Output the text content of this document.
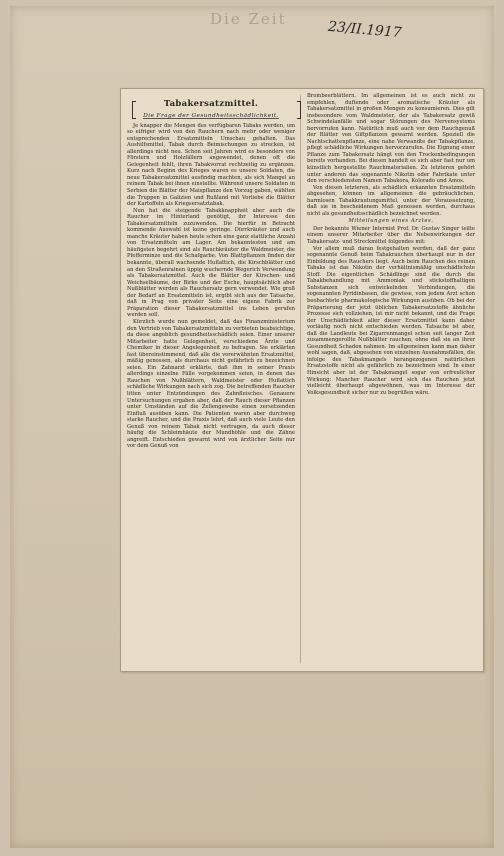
Die Zeit	23/II.1917
Tabakersatzmittel.
Die Frage der Gesundheitsschädlichkeit.
Je knapper die Mengen des verfügbaren Tabaks werden, um so eifriger wird von den Rauchern nach mehr oder weniger entsprechenden Ersatzmitteln Umschau gehalten. Das Aushilfsmittel, Tabak durch Beimischungen zu strecken, ist allerdings nicht neu. Schon seit Jahren wird es besonders von Förstern und Holzfällern angewendet, denen oft die Gelegenheit fehlt, ihren Tabakvorrat rechtzeitig zu ergänzen. Kurz nach Beginn des Krieges waren es unsere Soldaten, die neue Tabakersatzmittel ausfindig machten, als sich Mangel an reinem Tabak bei ihnen einstellte. Während unsere Soldaten in Serbien die Blätter der Maispflanze den Vorzug gaben, wählten die Truppen in Galizien und Rußland mit Vorliebe die Blätter der Kartoffeln als Kriegsersatztabak.
Nun hat die steigende Tabakknappheit aber auch die Raucher im Hinterland genötigt, ihr Interesse den Tabakersatzmitteln zuzuwenden. Die hierfür in Betracht kommende Auswahl ist keine geringe. Dürrkräuter und auch manche Kräuter haben heute schon eine ganz stattliche Anzahl von Ersatzmitteln am Lager. Am bekanntesten und am häufigsten begehrt sind als Rauchkräuter die Waldmeister, die Pfefferminze und die Schafgarbe. Von Blattpflanzen finden der bekannte, überall wachsende Huflattich, die Kirschblätter und an den Straßenrainen üppig wuchernde Wegerich Verwendung als Tabakersatzmittel. Auch die Blätter der Kirschen- und Weichselbäume, der Birke und der Esche, hauptsächlich aber Nußblätter werden als Rauchersatz gern verwendet. Wie groß der Bedarf an Ersatzmitteln ist, ergibt sich aus der Tatsache, daß in Prag von privater Seite eine eigene Fabrik zur Präparation dieser Tabakersatzmittel ins Leben gerufen werden soll.
Kürzlich wurde nun gemeldet, daß das Finanzministerium den Vertrieb von Tabakersatzmitteln zu verbieten beabsichtige, da diese angeblich gesundheitsschädlich seien. Einer unserer Mitarbeiter hatte Gelegenheit, verschiedene Ärzte und Chemiker in dieser Angelegenheit zu befragen. Sie erklärten fast übereinstimmend, daß alle die vorerwähnten Ersatzmittel, mäßig genossen, als durchaus nicht gefährlich zu bezeichnen seien. Ein Zahnarzt erklärte, daß ihm in seiner Praxis allerdings einzelne Fälle vorgekommen seien, in denen das Rauchen von Nußblättern, Waldmeister oder Huflattich schädliche Wirkungen nach sich zog. Die betreffenden Raucher litten unter Entzündungen des Zahnfleisches. Genauere Untersuchungen ergaben aber, daß der Rauch dieser Pflanzen unter Umständen auf die Zellengewebe einen zersetzenden Einfluß ausüben kann. Die Patienten waren aber durchweg starke Raucher, und die Praxis lehrt, daß auch viele Leute den Genuß von reinem Tabak nicht vertragen, da auch dieser häufig die Schleimhäute der Mundhöhle und die Zähne angreift. Entschieden gewarnt wird von ärztlicher Seite nur vor dem Genuß von
Brombeerblättern. Im allgemeinen ist es auch nicht zu empfehlen, duftende oder aromatische Kräuter als Tabakersatzmittel in großen Mengen zu konsumieren. Dies gilt insbesondere vom Waldmeister, der als Tabakersatz gewiß Schwindelanfälle und sogar Störungen des Nervensystems hervorrufen kann. Natürlich muß auch vor dem Rauchgenuß der Blätter von Giftpflanzen gewarnt werden. Speziell die Nachtschattenpflanze, eine nahe Verwandte der Tabakpflanze, pflegt schädliche Wirkungen hervorzurufen. Die Eignung einer Pflanze zum Tabakersatz hängt von den Trockenbedingungen bereits vorhanden. Bei diesen handelt es sich aber fast nur um künstlich hergestellte Rauchmaterialien. Zu letzteren gehört unter anderen das sogenannte Nikotin oder Fabrikate unter den verschiedensten Namen Tabakora, Kolorado und Amos.
Von diesen letzteren, als schädlich erkannten Ersatzmitteln abgesehen, können im allgemeinen die gebräuchlichen, harmlosen Tabakkrautungsmittel, unter der Voraussetzung, daß sie in bescheidenem Maß genossen werden, durchaus nicht als gesundheitsschädlich bezeichnet werden.
Mitteilungen eines Arztes.
Der bekannte Wiener Internist Prof. Dr. Gustav Singer teilte einem unserer Mitarbeiter über die Nebenwirkungen der Tabakersatz- und Streckmittel folgendes mit:
Vor allem muß daran festgehalten werden, daß der ganz sogenannte Genuß beim Tabakrauchen überhaupt nur in der Einbildung des Rauchers liegt. Auch beim Rauchen des reinen Tabaks ist das Nikotin der verhältnismäßig unschädlichste Stoff. Die eigentlichen Schädlinge sind die durch die Tabakbehandlung mit Ammoniak und stickstoffhaltigen Substanzen sich entwickelnden Verbindungen, die sogenannten Pyridinbasen, die gewisse, vom jedem Arzt schon beobachtete pharmakologische Wirkungen ausüben. Ob bei der Präparierung der jetzt üblichen Tabakersatzstoffe ähnliche Prozesse sich vollziehen, ist mir nicht bekannt, und die Frage der Unschädlichkeit aller dieser Ersatzmittel kann daher vorläufig noch nicht entschieden werden. Tatsache ist aber, daß die Landleute bei Zigarrenmangel schon seit langer Zeit zusammengerollte Nußblätter rauchen, ohne daß sie an ihrer Gesundheit Schaden nahmen. Im allgemeinen kann man daher wohl sagen, daß, abgesehen von einzelnen Ausnahmsfällen, die infolge des Tabakmangels herangezogenen natürlichen Ersatzstoffe nicht als gefährlich zu bezeichnen sind. In einer Hinsicht aber ist der Tabakmangel sogar von erfreulicher Wirkung: Mancher Raucher wird sich das Rauchen jetzt vielleicht überhaupt abgewöhnen, was im Interesse der Volksgesundheit sicher nur zu begrüßen wäre.
